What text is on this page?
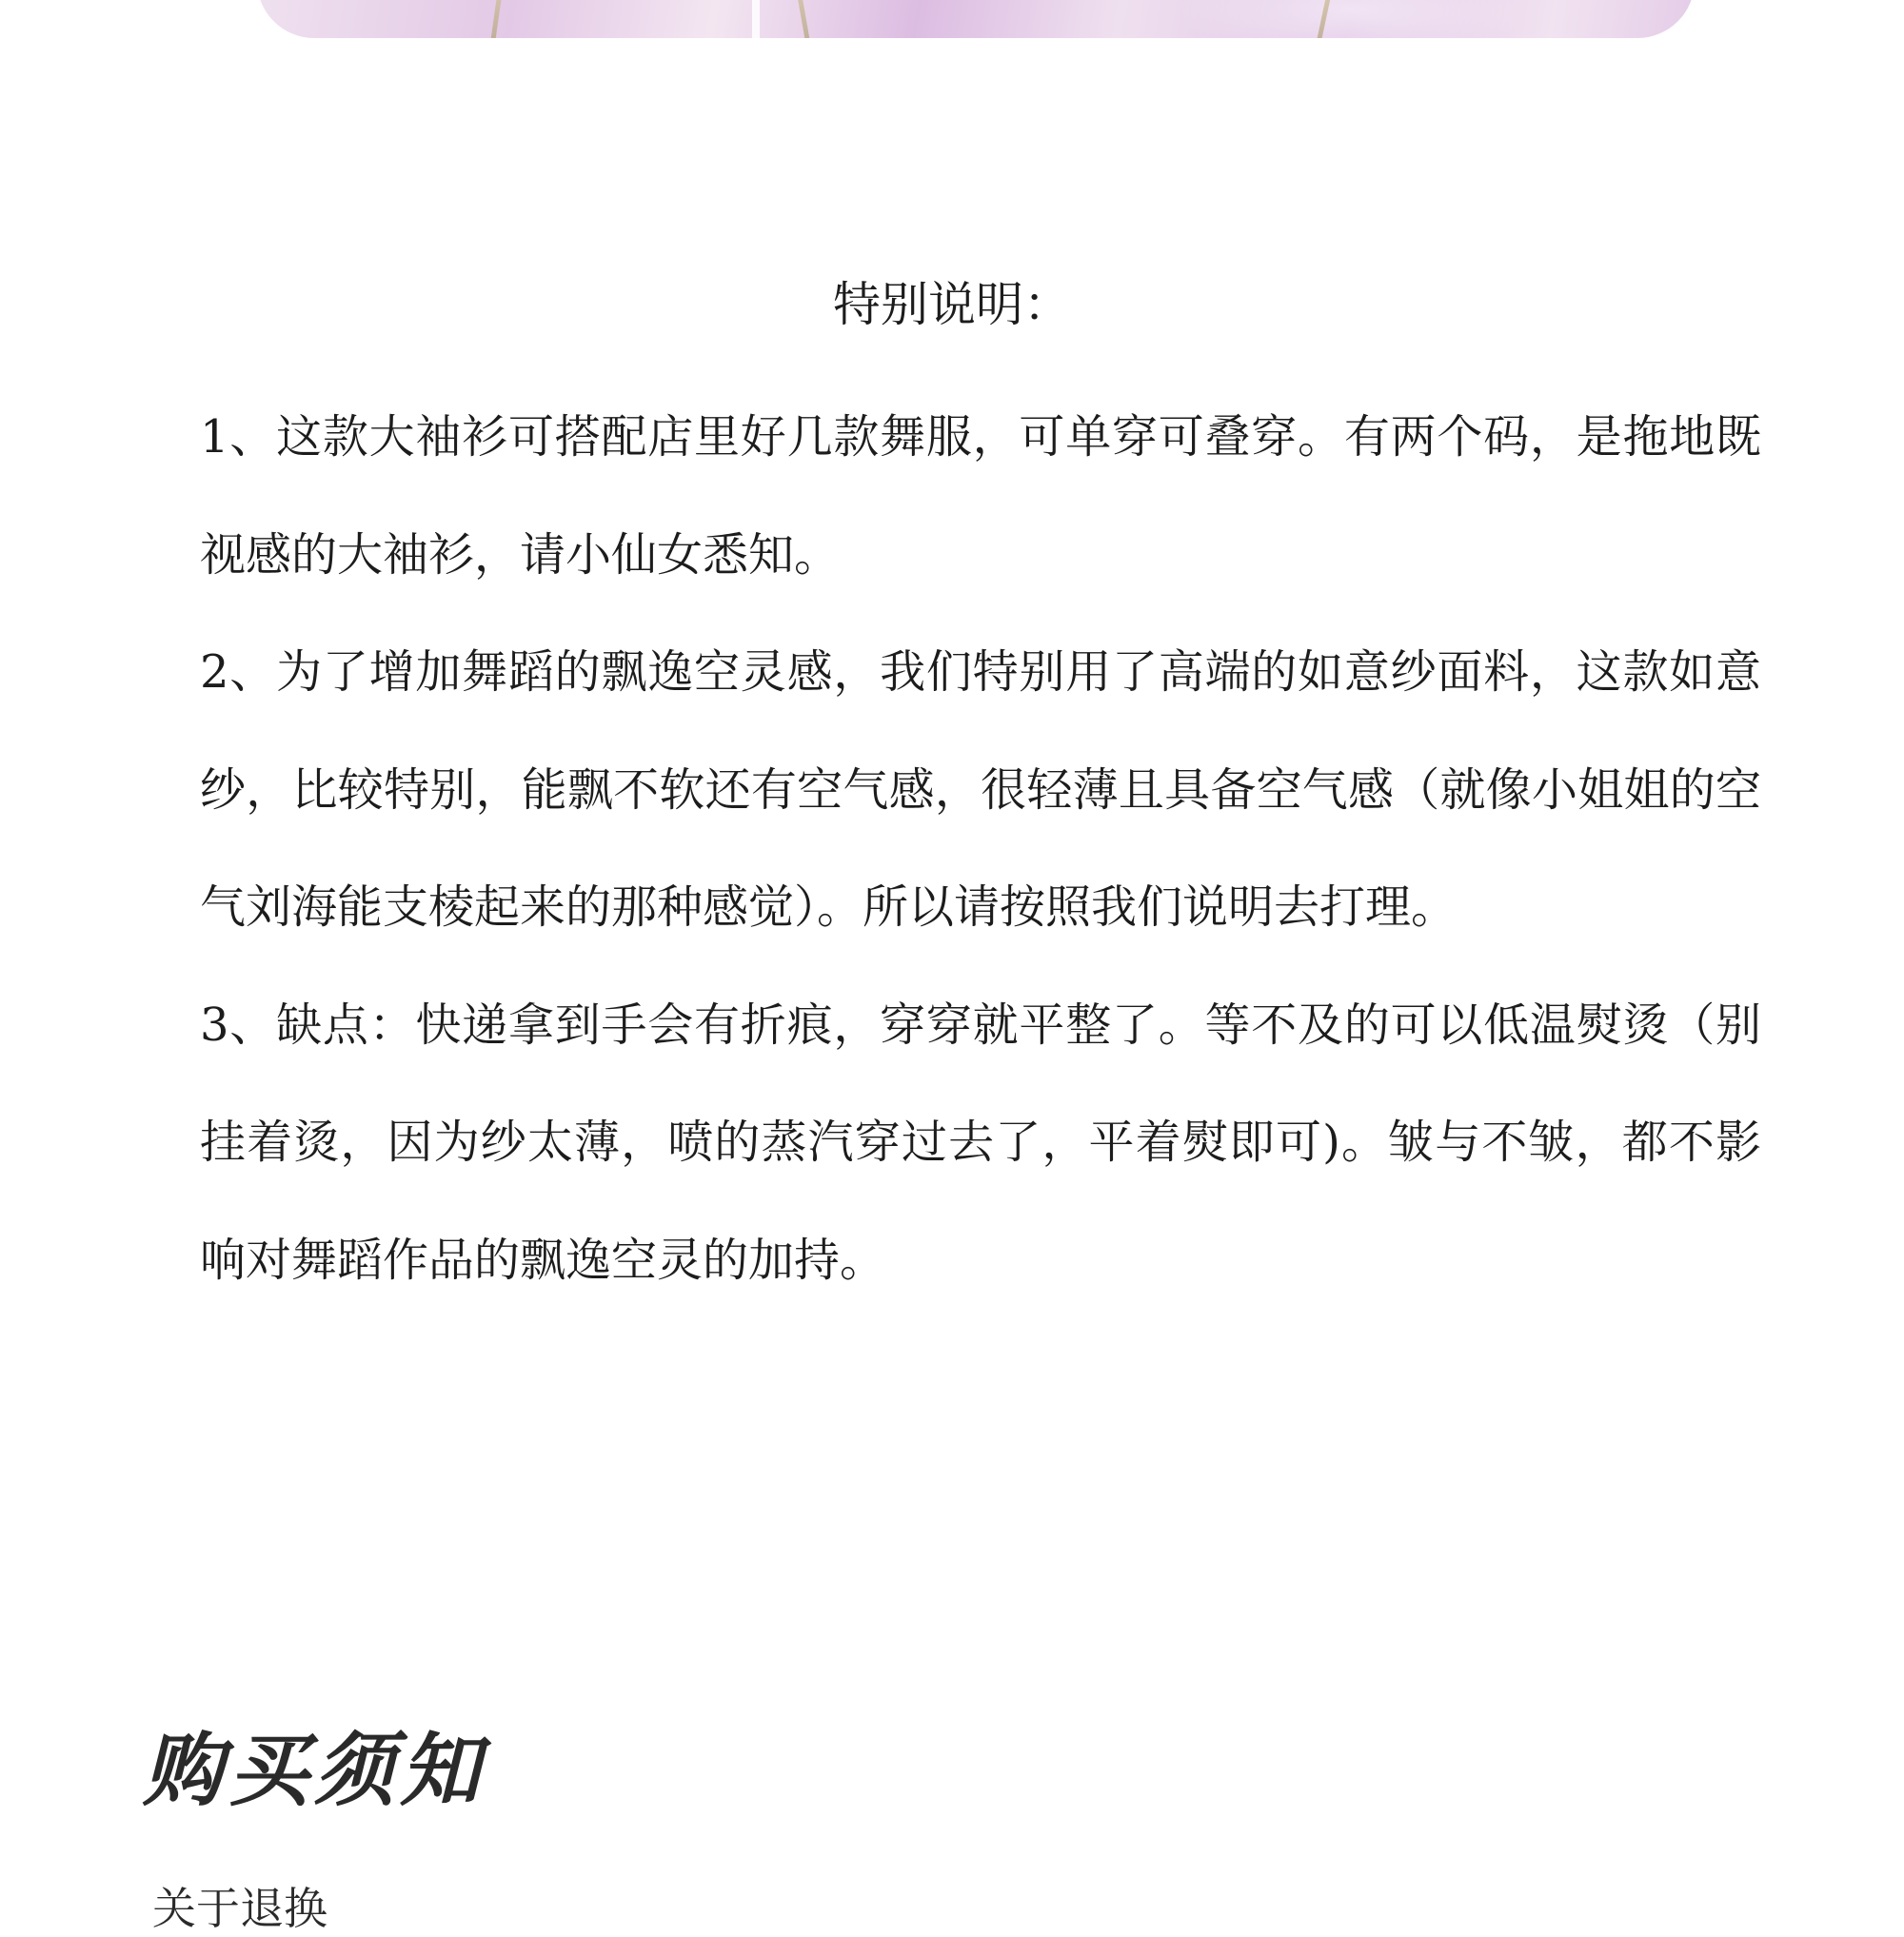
特别说明：

1、这款大袖衫可搭配店里好几款舞服，可单穿可叠穿。有两个码，是拖地既视感的大袖衫，请小仙女悉知。

2、为了增加舞蹈的飘逸空灵感，我们特别用了高端的如意纱面料，这款如意纱，比较特别，能飘不软还有空气感，很轻薄且具备空气感（就像小姐姐的空气刘海能支棱起来的那种感觉）。所以请按照我们说明去打理。

3、缺点：快递拿到手会有折痕，穿穿就平整了。等不及的可以低温熨烫（别挂着烫，因为纱太薄，喷的蒸汽穿过去了，平着熨即可)。皱与不皱，都不影响对舞蹈作品的飘逸空灵的加持。

购买须知
关于退换
